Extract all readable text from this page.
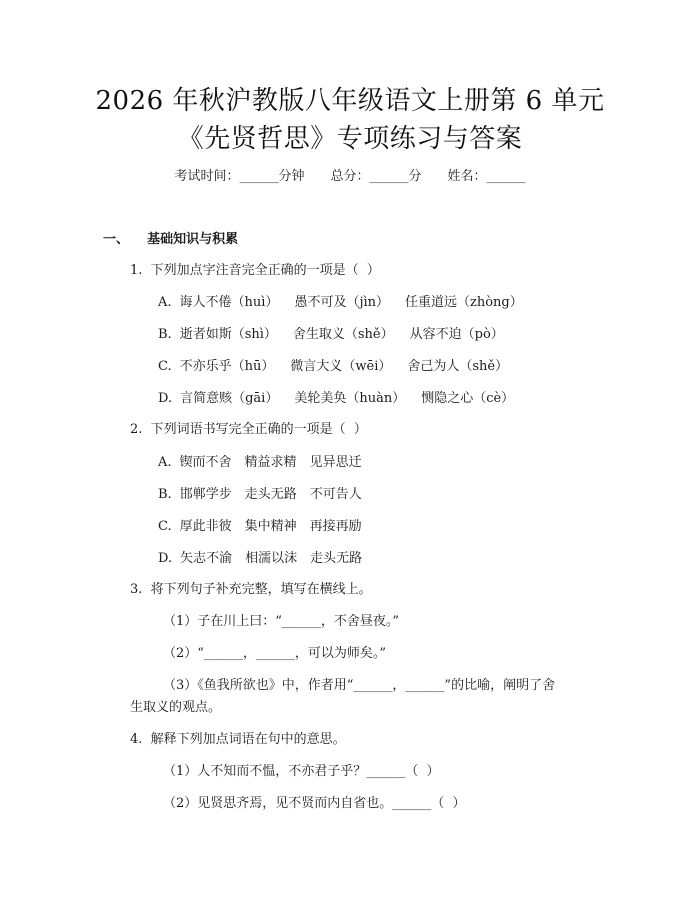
2026 年秋沪教版八年级语文上册第 6 单元
《先贤哲思》专项练习与答案
考试时间：______分钟 总分：______分 姓名：______
一、    基础知识与积累
1.  下列加点字注音完全正确的一项是（  ）
A. 诲人不倦（huì） 愚不可及（jìn） 任重道远（zhòng）
B. 逝者如斯（shì） 舍生取义（shě） 从容不迫（pò）
C. 不亦乐乎（hū） 微言大义（wēi） 舍己为人（shě）
D. 言简意赅（gāi） 美轮美奂（huàn） 恻隐之心（cè）
2.  下列词语书写完全正确的一项是（  ）
A. 锲而不舍 精益求精 见异思迁
B. 邯郸学步 走头无路 不可告人
C. 厚此非彼 集中精神 再接再励
D. 矢志不渝 相濡以沫 走头无路
3.  将下列句子补充完整，填写在横线上。
（1）子在川上曰：“______，不舍昼夜。”
（2）“______，______，可以为师矣。”
（3）《鱼我所欲也》中，作者用“______，______”的比喻，阐明了舍
生取义的观点。
4.  解释下列加点词语在句中的意思。
（1）人不知而不愠，不亦君子乎？______（  ）
（2）见贤思齐焉，见不贤而内自省也。______（  ）
